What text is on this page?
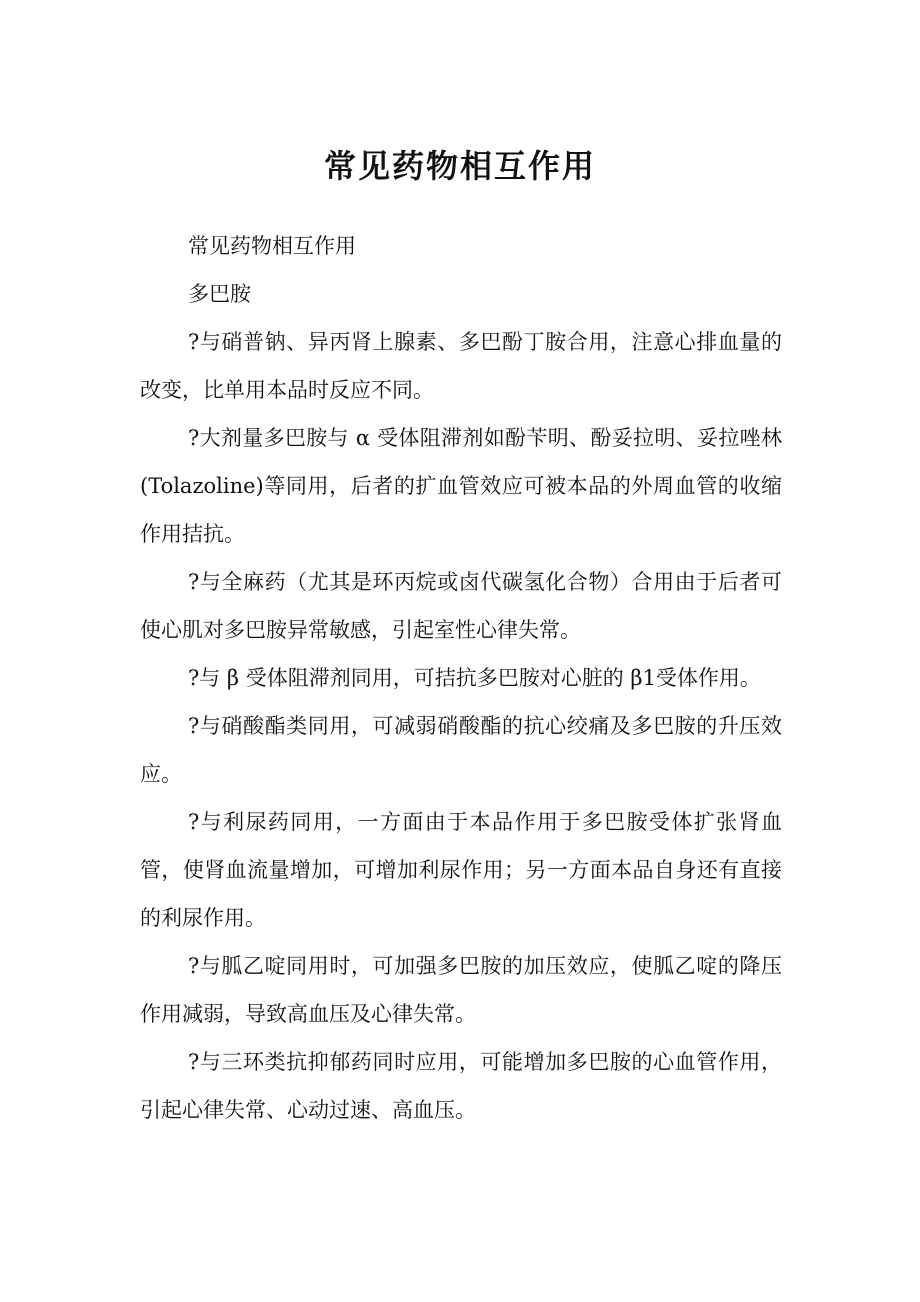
常见药物相互作用

常见药物相互作用

多巴胺

?与硝普钠、异丙肾上腺素、多巴酚丁胺合用，注意心排血量的改变，比单用本品时反应不同。

?大剂量多巴胺与 α 受体阻滞剂如酚苄明、酚妥拉明、妥拉唑林(Tolazoline)等同用，后者的扩血管效应可被本品的外周血管的收缩作用拮抗。

?与全麻药（尤其是环丙烷或卤代碳氢化合物）合用由于后者可使心肌对多巴胺异常敏感，引起室性心律失常。

?与 β 受体阻滞剂同用，可拮抗多巴胺对心脏的 β1受体作用。

?与硝酸酯类同用，可减弱硝酸酯的抗心绞痛及多巴胺的升压效应。

?与利尿药同用，一方面由于本品作用于多巴胺受体扩张肾血管，使肾血流量增加，可增加利尿作用；另一方面本品自身还有直接的利尿作用。

?与胍乙啶同用时，可加强多巴胺的加压效应，使胍乙啶的降压作用减弱，导致高血压及心律失常。

?与三环类抗抑郁药同时应用，可能增加多巴胺的心血管作用，引起心律失常、心动过速、高血压。
